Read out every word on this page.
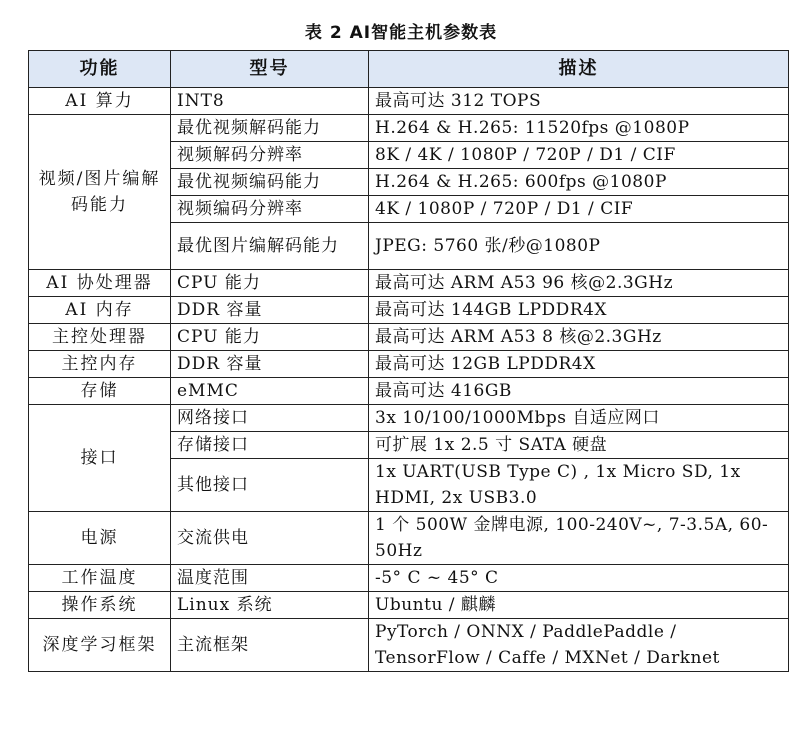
表 2 AI智能主机参数表
功能	型号	描述
AI 算力	INT8	最高可达 312 TOPS
视频/图片编解码能力	最优视频解码能力	H.264 & H.265: 11520fps @1080P
	视频解码分辨率	8K / 4K / 1080P / 720P / D1 / CIF
	最优视频编码能力	H.264 & H.265: 600fps @1080P
	视频编码分辨率	4K / 1080P / 720P / D1 / CIF
	最优图片编解码能力	JPEG: 5760 张/秒@1080P
AI 协处理器	CPU 能力	最高可达 ARM A53 96 核@2.3GHz
AI 内存	DDR 容量	最高可达 144GB LPDDR4X
主控处理器	CPU 能力	最高可达 ARM A53 8 核@2.3GHz
主控内存	DDR 容量	最高可达 12GB LPDDR4X
存储	eMMC	最高可达 416GB
接口	网络接口	3x 10/100/1000Mbps 自适应网口
	存储接口	可扩展 1x 2.5 寸 SATA 硬盘
	其他接口	1x UART(USB Type C) , 1x Micro SD, 1x HDMI, 2x USB3.0
电源	交流供电	1 个 500W 金牌电源, 100-240V~, 7-3.5A, 60-50Hz
工作温度	温度范围	-5° C ~ 45° C
操作系统	Linux 系统	Ubuntu / 麒麟
深度学习框架	主流框架	PyTorch / ONNX / PaddlePaddle / TensorFlow / Caffe / MXNet / Darknet
